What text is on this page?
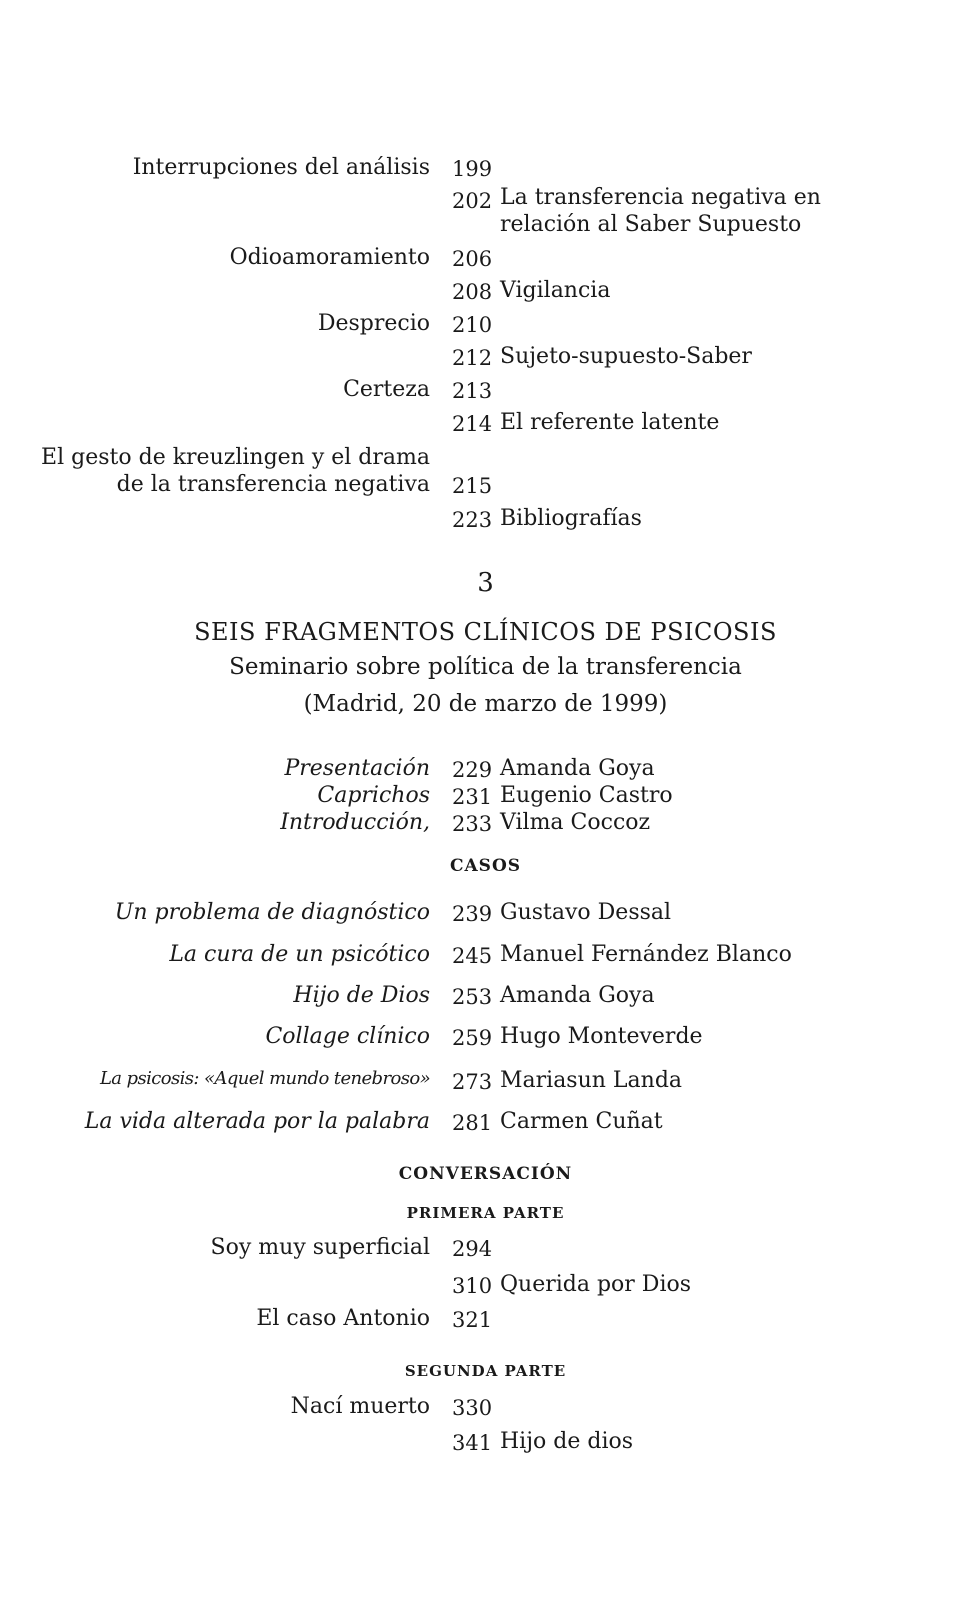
Interrupciones del análisis 199
202 La transferencia negativa en
relación al Saber Supuesto
Odioamoramiento 206
208 Vigilancia
Desprecio 210
212 Sujeto-supuesto-Saber
Certeza 213
214 El referente latente
El gesto de kreuzlingen y el drama
de la transferencia negativa 215
223 Bibliografías
3
SEIS FRAGMENTOS CLÍNICOS DE PSICOSIS
Seminario sobre política de la transferencia
(Madrid, 20 de marzo de 1999)
Presentación 229 Amanda Goya
Caprichos 231 Eugenio Castro
Introducción, 233 Vilma Coccoz
CASOS
Un problema de diagnóstico 239 Gustavo Dessal
La cura de un psicótico 245 Manuel Fernández Blanco
Hijo de Dios 253 Amanda Goya
Collage clínico 259 Hugo Monteverde
La psicosis: «Aquel mundo tenebroso» 273 Mariasun Landa
La vida alterada por la palabra 281 Carmen Cuñat
CONVERSACIÓN
PRIMERA PARTE
Soy muy superficial 294
310 Querida por Dios
El caso Antonio 321
SEGUNDA PARTE
Nací muerto 330
341 Hijo de dios
